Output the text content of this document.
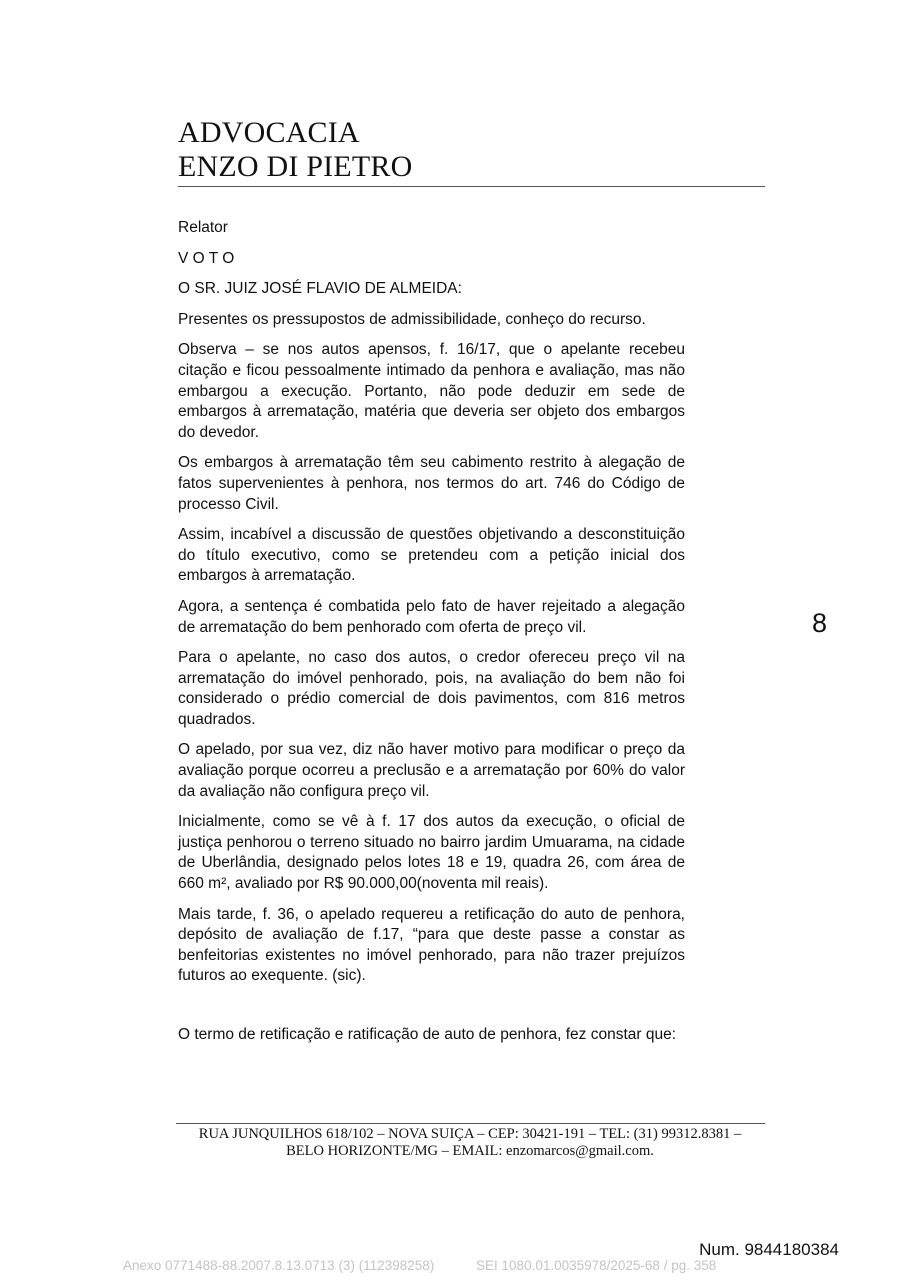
ADVOCACIA
ENZO DI PIETRO

Relator

V O T O

O SR. JUIZ JOSÉ FLAVIO DE ALMEIDA:

Presentes os pressupostos de admissibilidade, conheço do recurso.

Observa – se nos autos apensos, f. 16/17, que o apelante recebeu citação e ficou pessoalmente intimado da penhora e avaliação, mas não embargou a execução. Portanto, não pode deduzir em sede de embargos à arrematação, matéria que deveria ser objeto dos embargos do devedor.

Os embargos à arrematação têm seu cabimento restrito à alegação de fatos supervenientes à penhora, nos termos do art. 746 do Código de processo Civil.

Assim, incabível a discussão de questões objetivando a desconstituição do título executivo, como se pretendeu com a petição inicial dos embargos à arrematação.

Agora, a sentença é combatida pelo fato de haver rejeitado a alegação de arrematação do bem penhorado com oferta de preço vil.

Para o apelante, no caso dos autos, o credor ofereceu preço vil na arrematação do imóvel penhorado, pois, na avaliação do bem não foi considerado o prédio comercial de dois pavimentos, com 816 metros quadrados.

O apelado, por sua vez, diz não haver motivo para modificar o preço da avaliação porque ocorreu a preclusão e a arrematação por 60% do valor da avaliação não configura preço vil.

Inicialmente, como se vê à f. 17 dos autos da execução, o oficial de justiça penhorou o terreno situado no bairro jardim Umuarama, na cidade de Uberlândia, designado pelos lotes 18 e 19, quadra 26, com área de 660 m², avaliado por R$ 90.000,00(noventa mil reais).

Mais tarde, f. 36, o apelado requereu a retificação do auto de penhora, depósito de avaliação de f.17, “para que deste passe a constar as benfeitorias existentes no imóvel penhorado, para não trazer prejuízos futuros ao exequente. (sic).

O termo de retificação e ratificação de auto de penhora, fez constar que:

8
RUA JUNQUILHOS 618/102 – NOVA SUIÇA – CEP: 30421-191 – TEL: (31) 99312.8381 – BELO HORIZONTE/MG – EMAIL: enzomarcos@gmail.com.
Num. 9844180384
Anexo 0771488-88.2007.8.13.0713 (3) (112398258)	SEI 1080.01.0035978/2025-68 / pg. 358
